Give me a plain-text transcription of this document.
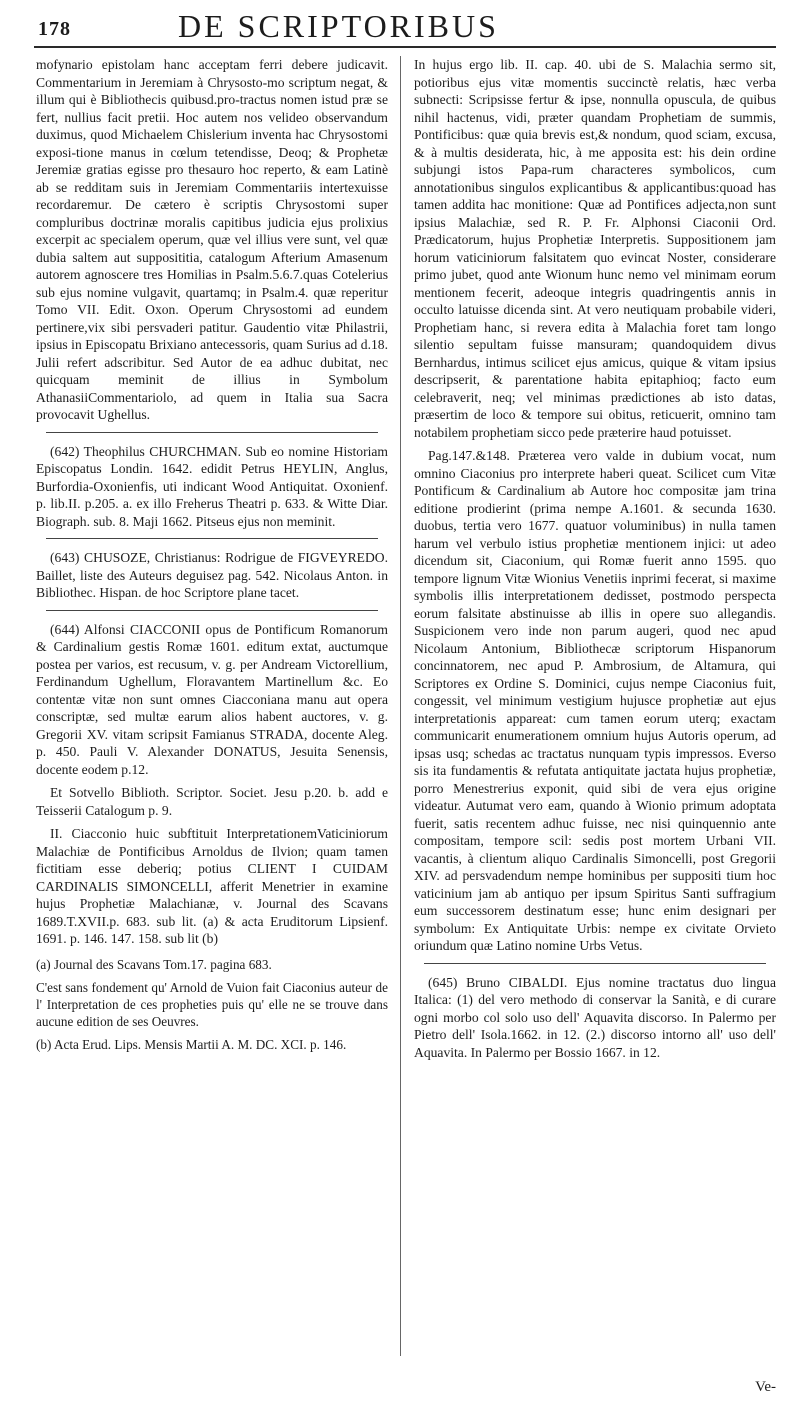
178	DE SCRIPTORIBUS

mofynario epistolam hanc acceptam ferri debere judicavit. Commentarium in Jeremiam à Chrysosto-mo scriptum negat, & illum qui è Bibliothecis quibusd.pro-tractus nomen istud præ se fert, nullius facit pretii. Hoc autem nos velideo observandum duximus, quod Michaelem Chislerium inventa hac Chrysostomi exposi-tione manus in cœlum tetendisse, Deoq; & Prophetæ Jeremiæ gratias egisse pro thesauro hoc reperto, & eam Latinè ab se redditam suis in Jeremiam Commentariis intertexuisse recordaremur. De cætero è scriptis Chrysostomi super compluribus doctrinæ moralis capitibus judicia ejus prolixius excerpit ac specialem operum, quæ vel illius vere sunt, vel quæ dubia saltem aut supposititia, catalogum Afterium Amasenum autorem agnoscere tres Homilias in Psalm.5.6.7.quas Cotelerius sub ejus nomine vulgavit, quartamq; in Psalm.4. quæ reperitur Tomo VII. Edit. Oxon. Operum Chrysostomi ad eundem pertinere,vix sibi persvaderi patitur. Gaudentio vitæ Philastrii, ipsius in Episcopatu Brixiano antecessoris, quam Surius ad d.18. Julii refert adscribitur. Sed Autor de ea adhuc dubitat, nec quicquam meminit de illius in Symbolum AthanasiiCommentariolo, ad quem in Italia sua Sacra provocavit Ughellus.

(642) Theophilus CHURCHMAN. Sub eo nomine Historiam Episcopatus Londin. 1642. edidit Petrus HEYLIN, Anglus, Burfordia-Oxonienfis, uti indicant Wood Antiquitat. Oxonienf. p. lib.II. p.205. a. ex illo Freherus Theatri p. 633. & Witte Diar. Biograph. sub. 8. Maji 1662. Pitseus ejus non meminit.

(643) CHUSOZE, Christianus: Rodrigue de FIGVEYREDO. Baillet, liste des Auteurs deguisez pag. 542. Nicolaus Anton. in Bibliothec. Hispan. de hoc Scriptore plane tacet.

(644) Alfonsi CIACCONII opus de Pontificum Romanorum & Cardinalium gestis Romæ 1601. editum extat, auctumque postea per varios, est recusum, v. g. per Andream Victorellium, Ferdinandum Ughellum, Floravantem Martinellum &c. Eo contentæ vitæ non sunt omnes Ciacconiana manu aut opera conscriptæ, sed multæ earum alios habent auctores, v. g. Gregorii XV. vitam scripsit Famianus STRADA, docente Aleg. p. 450. Pauli V. Alexander DONATUS, Jesuita Senensis, docente eodem p.12.

Et Sotvello Biblioth. Scriptor. Societ. Jesu p.20. b. add e Teisserii Catalogum p. 9.

II. Ciacconio huic subftituit InterpretationemVaticiniorum Malachiæ de Pontificibus Arnoldus de Ilvion; quam tamen fictitiam esse deberiq; potius CLIENT I CUIDAM CARDINALIS SIMONCELLI, afferit Menetrier in examine hujus Prophetiæ Malachianæ, v. Journal des Scavans 1689.T.XVII.p. 683. sub lit. (a) & acta Eruditorum Lipsienf. 1691. p. 146. 147. 158. sub lit (b)

(a) Journal des Scavans Tom.17. pagina 683.

C'est sans fondement qu' Arnold de Vuion fait Ciaconius auteur de l' Interpretation de ces propheties puis qu' elle ne se trouve dans aucune edition de ses Oeuvres.

(b) Acta Erud. Lips. Mensis Martii A. M. DC. XCI. p. 146.

In hujus ergo lib. II. cap. 40. ubi de S. Malachia sermo sit, potioribus ejus vitæ momentis succinctè relatis, hæc verba subnecti: Scripsisse fertur & ipse, nonnulla opuscula, de quibus nihil hactenus, vidi, præter quandam Prophetiam de summis, Pontificibus: quæ quia brevis est,& nondum, quod sciam, excusa, & à multis desiderata, hic, à me apposita est: his dein ordine subjungi istos Papa-rum characteres symbolicos, cum annotationibus singulos explicantibus & applicantibus:quoad has tamen addita hac monitione: Quæ ad Pontifices adjecta,non sunt ipsius Malachiæ, sed R. P. Fr. Alphonsi Ciaconii Ord. Prædicatorum, hujus Prophetiæ Interpretis. Suppositionem jam horum vaticiniorum falsitatem quo evincat Noster, considerare primo jubet, quod ante Wionum hunc nemo vel minimam eorum mentionem fecerit, adeoque integris quadringentis annis in occulto latuisse dicenda sint. At vero neutiquam probabile videri, Prophetiam hanc, si revera edita à Malachia foret tam longo silentio sepultam fuisse mansuram; quandoquidem divus Bernhardus, intimus scilicet ejus amicus, quique & vitam ipsius descripserit, & parentatione habita epitaphioq; facto eum celebraverit, neq; vel minimas prædictiones ab isto datas, præsertim de loco & tempore sui obitus, reticuerit, omnino tam notabilem prophetiam sicco pede præterire haud potuisset.

Pag.147.&148. Præterea vero valde in dubium vocat, num omnino Ciaconius pro interprete haberi queat. Scilicet cum Vitæ Pontificum & Cardinalium ab Autore hoc compositæ jam trina editione prodierint (prima nempe A.1601. & secunda 1630. duobus, tertia vero 1677. quatuor voluminibus) in nulla tamen harum vel verbulo istius prophetiæ mentionem injici: ut adeo dicendum sit, Ciaconium, qui Romæ fuerit anno 1595. quo tempore lignum Vitæ Wionius Venetiis inprimi fecerat, si maxime symbolis illis interpretationem dedisset, postmodo perspecta eorum falsitate abstinuisse ab illis in opere suo allegandis. Suspicionem vero inde non parum augeri, quod nec apud Nicolaum Antonium, Bibliothecæ scriptorum Hispanorum concinnatorem, nec apud P. Ambrosium, de Altamura, qui Scriptores ex Ordine S. Dominici, cujus nempe Ciaconius fuit, congessit, vel minimum vestigium hujusce prophetiæ aut ejus interpretationis appareat: cum tamen eorum uterq; exactam communicarit enumerationem omnium hujus Autoris operum, ad ipsas usq; schedas ac tractatus nunquam typis impressos. Everso sis ita fundamentis & refutata antiquitate jactata hujus prophetiæ, porro Menestrerius exponit, quid sibi de vera ejus origine videatur. Autumat vero eam, quando à Wionio primum adoptata fuerit, satis recentem adhuc fuisse, nec nisi quinquennio ante compositam, tempore scil: sedis post mortem Urbani VII. vacantis, à clientum aliquo Cardinalis Simoncelli, post Gregorii XIV. ad persvadendum nempe hominibus per suppositi tium hoc vaticinium jam ab antiquo per ipsum Spiritus Santi suffragium eum successorem destinatum esse; hunc enim designari per symbolum: Ex Antiquitate Urbis: nempe ex civitate Orvieto oriundum quæ Latino nomine Urbs Vetus.

(645) Bruno CIBALDI. Ejus nomine tractatus duo lingua Italica: (1) del vero methodo di conservar la Sanità, e di curare ogni morbo col solo uso dell' Aquavita discorso. In Palermo per Pietro dell' Isola.1662. in 12. (2.) discorso intorno all' uso dell' Aquavita. In Palermo per Bossio 1667. in 12.

Ve-
